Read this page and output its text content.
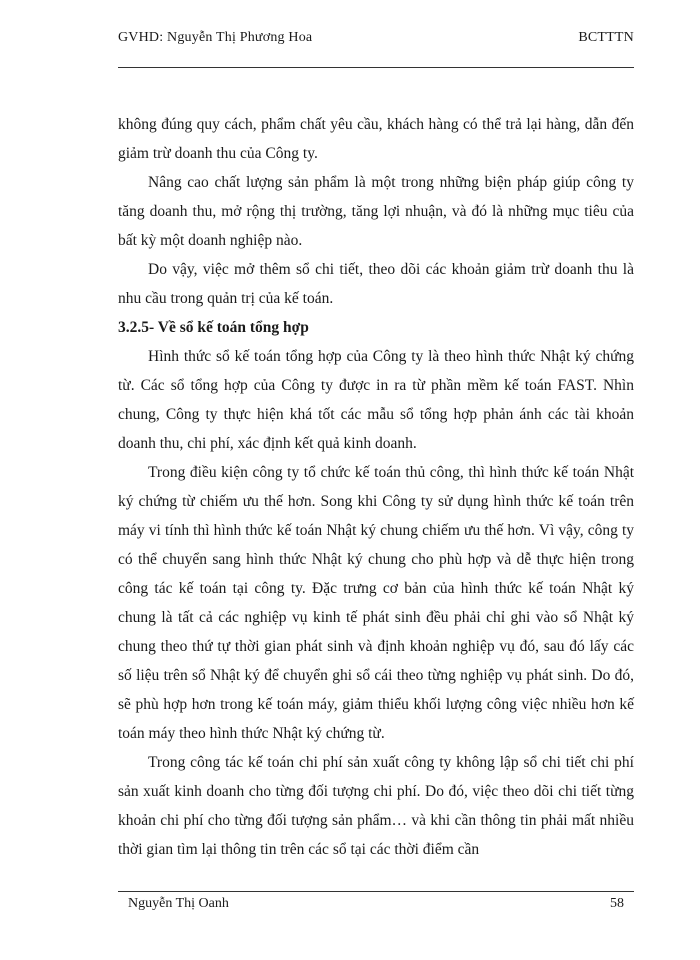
GVHD: Nguyễn Thị Phương Hoa	BCTTTN

không đúng quy cách, phẩm chất yêu cầu, khách hàng có thể trả lại hàng, dẫn đến giảm trừ doanh thu của Công ty.

Nâng cao chất lượng sản phẩm là một trong những biện pháp giúp công ty tăng doanh thu, mở rộng thị trường, tăng lợi nhuận, và đó là những mục tiêu của bất kỳ một doanh nghiệp nào.

Do vậy, việc mở thêm sổ chi tiết, theo dõi các khoản giảm trừ doanh thu là nhu cầu trong quản trị của kế toán.

3.2.5- Về sổ kế toán tổng hợp

Hình thức sổ kế toán tổng hợp của Công ty là theo hình thức Nhật ký chứng từ. Các sổ tổng hợp của Công ty được in ra từ phần mềm kế toán FAST. Nhìn chung, Công ty thực hiện khá tốt các mẫu sổ tổng hợp phản ánh các tài khoản doanh thu, chi phí, xác định kết quả kinh doanh.

Trong điều kiện công ty tổ chức kế toán thủ công, thì hình thức kế toán Nhật ký chứng từ chiếm ưu thế hơn. Song khi Công ty sử dụng hình thức kế toán trên máy vi tính thì hình thức kế toán Nhật ký chung chiếm ưu thế hơn. Vì vậy, công ty có thể chuyển sang hình thức Nhật ký chung cho phù hợp và dễ thực hiện trong công tác kế toán tại công ty. Đặc trưng cơ bản của hình thức kế toán Nhật ký chung là tất cả các nghiệp vụ kinh tế phát sinh đều phải chỉ ghi vào sổ Nhật ký chung theo thứ tự thời gian phát sinh và định khoản nghiệp vụ đó, sau đó lấy các số liệu trên sổ Nhật ký để chuyển ghi sổ cái theo từng nghiệp vụ phát sinh. Do đó, sẽ phù hợp hơn trong kế toán máy, giảm thiểu khối lượng công việc nhiều hơn kế toán máy theo hình thức Nhật ký chứng từ.

Trong công tác kế toán chi phí sản xuất công ty không lập sổ chi tiết chi phí sản xuất kinh doanh cho từng đối tượng chi phí. Do đó, việc theo dõi chi tiết từng khoản chi phí cho từng đối tượng sản phẩm… và khi cần thông tin phải mất nhiều thời gian tìm lại thông tin trên các sổ tại các thời điểm cần

Nguyễn Thị Oanh	58
